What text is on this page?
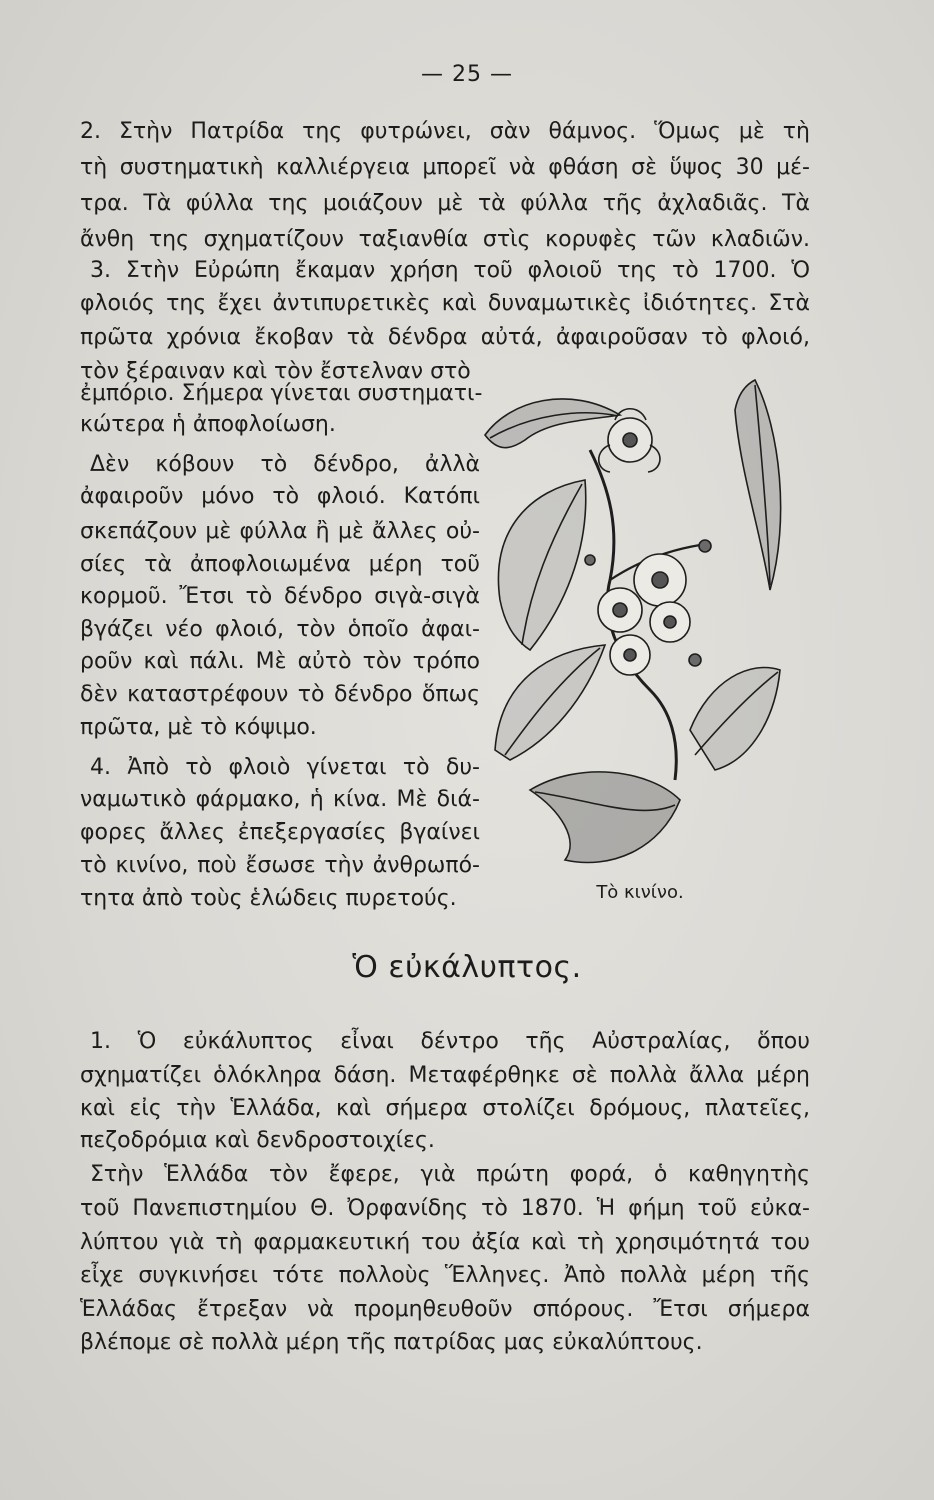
— 25 —
2. Στὴν Πατρίδα της φυτρώνει, σὰν θάμνος. Ὅμως μὲ τὴ
τὴ συστηματικὴ καλλιέργεια μπορεῖ νὰ φθάση σὲ ὕψος 30 μέ-
τρα. Τὰ φύλλα της μοιάζουν μὲ τὰ φύλλα τῆς ἀχλαδιᾶς. Τὰ
ἄνθη της σχηματίζουν ταξιανθία στὶς κορυφὲς τῶν κλαδιῶν.
3. Στὴν Εὐρώπη ἔκαμαν χρήση τοῦ φλοιοῦ της τὸ 1700. Ὁ
φλοιός της ἔχει ἀντιπυρετικὲς καὶ δυναμωτικὲς ἰδιότητες. Στὰ
πρῶτα χρόνια ἔκοβαν τὰ δένδρα αὐτά, ἀφαιροῦσαν τὸ φλοιό,
τὸν ξέραιναν καὶ τὸν ἔστελναν στὸ
ἐμπόριο. Σήμερα γίνεται συστηματι-
κώτερα ἡ ἀποφλοίωση.
Δὲν κόβουν τὸ δένδρο, ἀλλὰ
ἀφαιροῦν μόνο τὸ φλοιό. Κατόπι
σκεπάζουν μὲ φύλλα ἢ μὲ ἄλλες οὐ-
σίες τὰ ἀποφλοιωμένα μέρη τοῦ
κορμοῦ. Ἔτσι τὸ δένδρο σιγὰ-σιγὰ
βγάζει νέο φλοιό, τὸν ὁποῖο ἀφαι-
ροῦν καὶ πάλι. Μὲ αὐτὸ τὸν τρόπο
δὲν καταστρέφουν τὸ δένδρο ὅπως
πρῶτα, μὲ τὸ κόψιμο.
4. Ἀπὸ τὸ φλοιὸ γίνεται τὸ δυ-
ναμωτικὸ φάρμακο, ἡ κίνα. Μὲ διά-
φορες ἄλλες ἐπεξεργασίες βγαίνει
τὸ κινίνο, ποὺ ἔσωσε τὴν ἀνθρωπό-
τητα ἀπὸ τοὺς ἑλώδεις πυρετούς.	Τὸ κινίνο.
Ὁ εὐκάλυπτος.
1. Ὁ εὐκάλυπτος εἶναι δέντρο τῆς Αὐστραλίας, ὅπου
σχηματίζει ὁλόκληρα δάση. Μεταφέρθηκε σὲ πολλὰ ἄλλα μέρη
καὶ εἰς τὴν Ἑλλάδα, καὶ σήμερα στολίζει δρόμους, πλατεῖες,
πεζοδρόμια καὶ δενδροστοιχίες.
Στὴν Ἑλλάδα τὸν ἔφερε, γιὰ πρώτη φορά, ὁ καθηγητὴς
τοῦ Πανεπιστημίου Θ. Ὀρφανίδης τὸ 1870. Ἡ φήμη τοῦ εὐκα-
λύπτου γιὰ τὴ φαρμακευτική του ἀξία καὶ τὴ χρησιμότητά του
εἶχε συγκινήσει τότε πολλοὺς Ἕλληνες. Ἀπὸ πολλὰ μέρη τῆς
Ἑλλάδας ἔτρεξαν νὰ προμηθευθοῦν σπόρους. Ἔτσι σήμερα
βλέπομε σὲ πολλὰ μέρη τῆς πατρίδας μας εὐκαλύπτους.
